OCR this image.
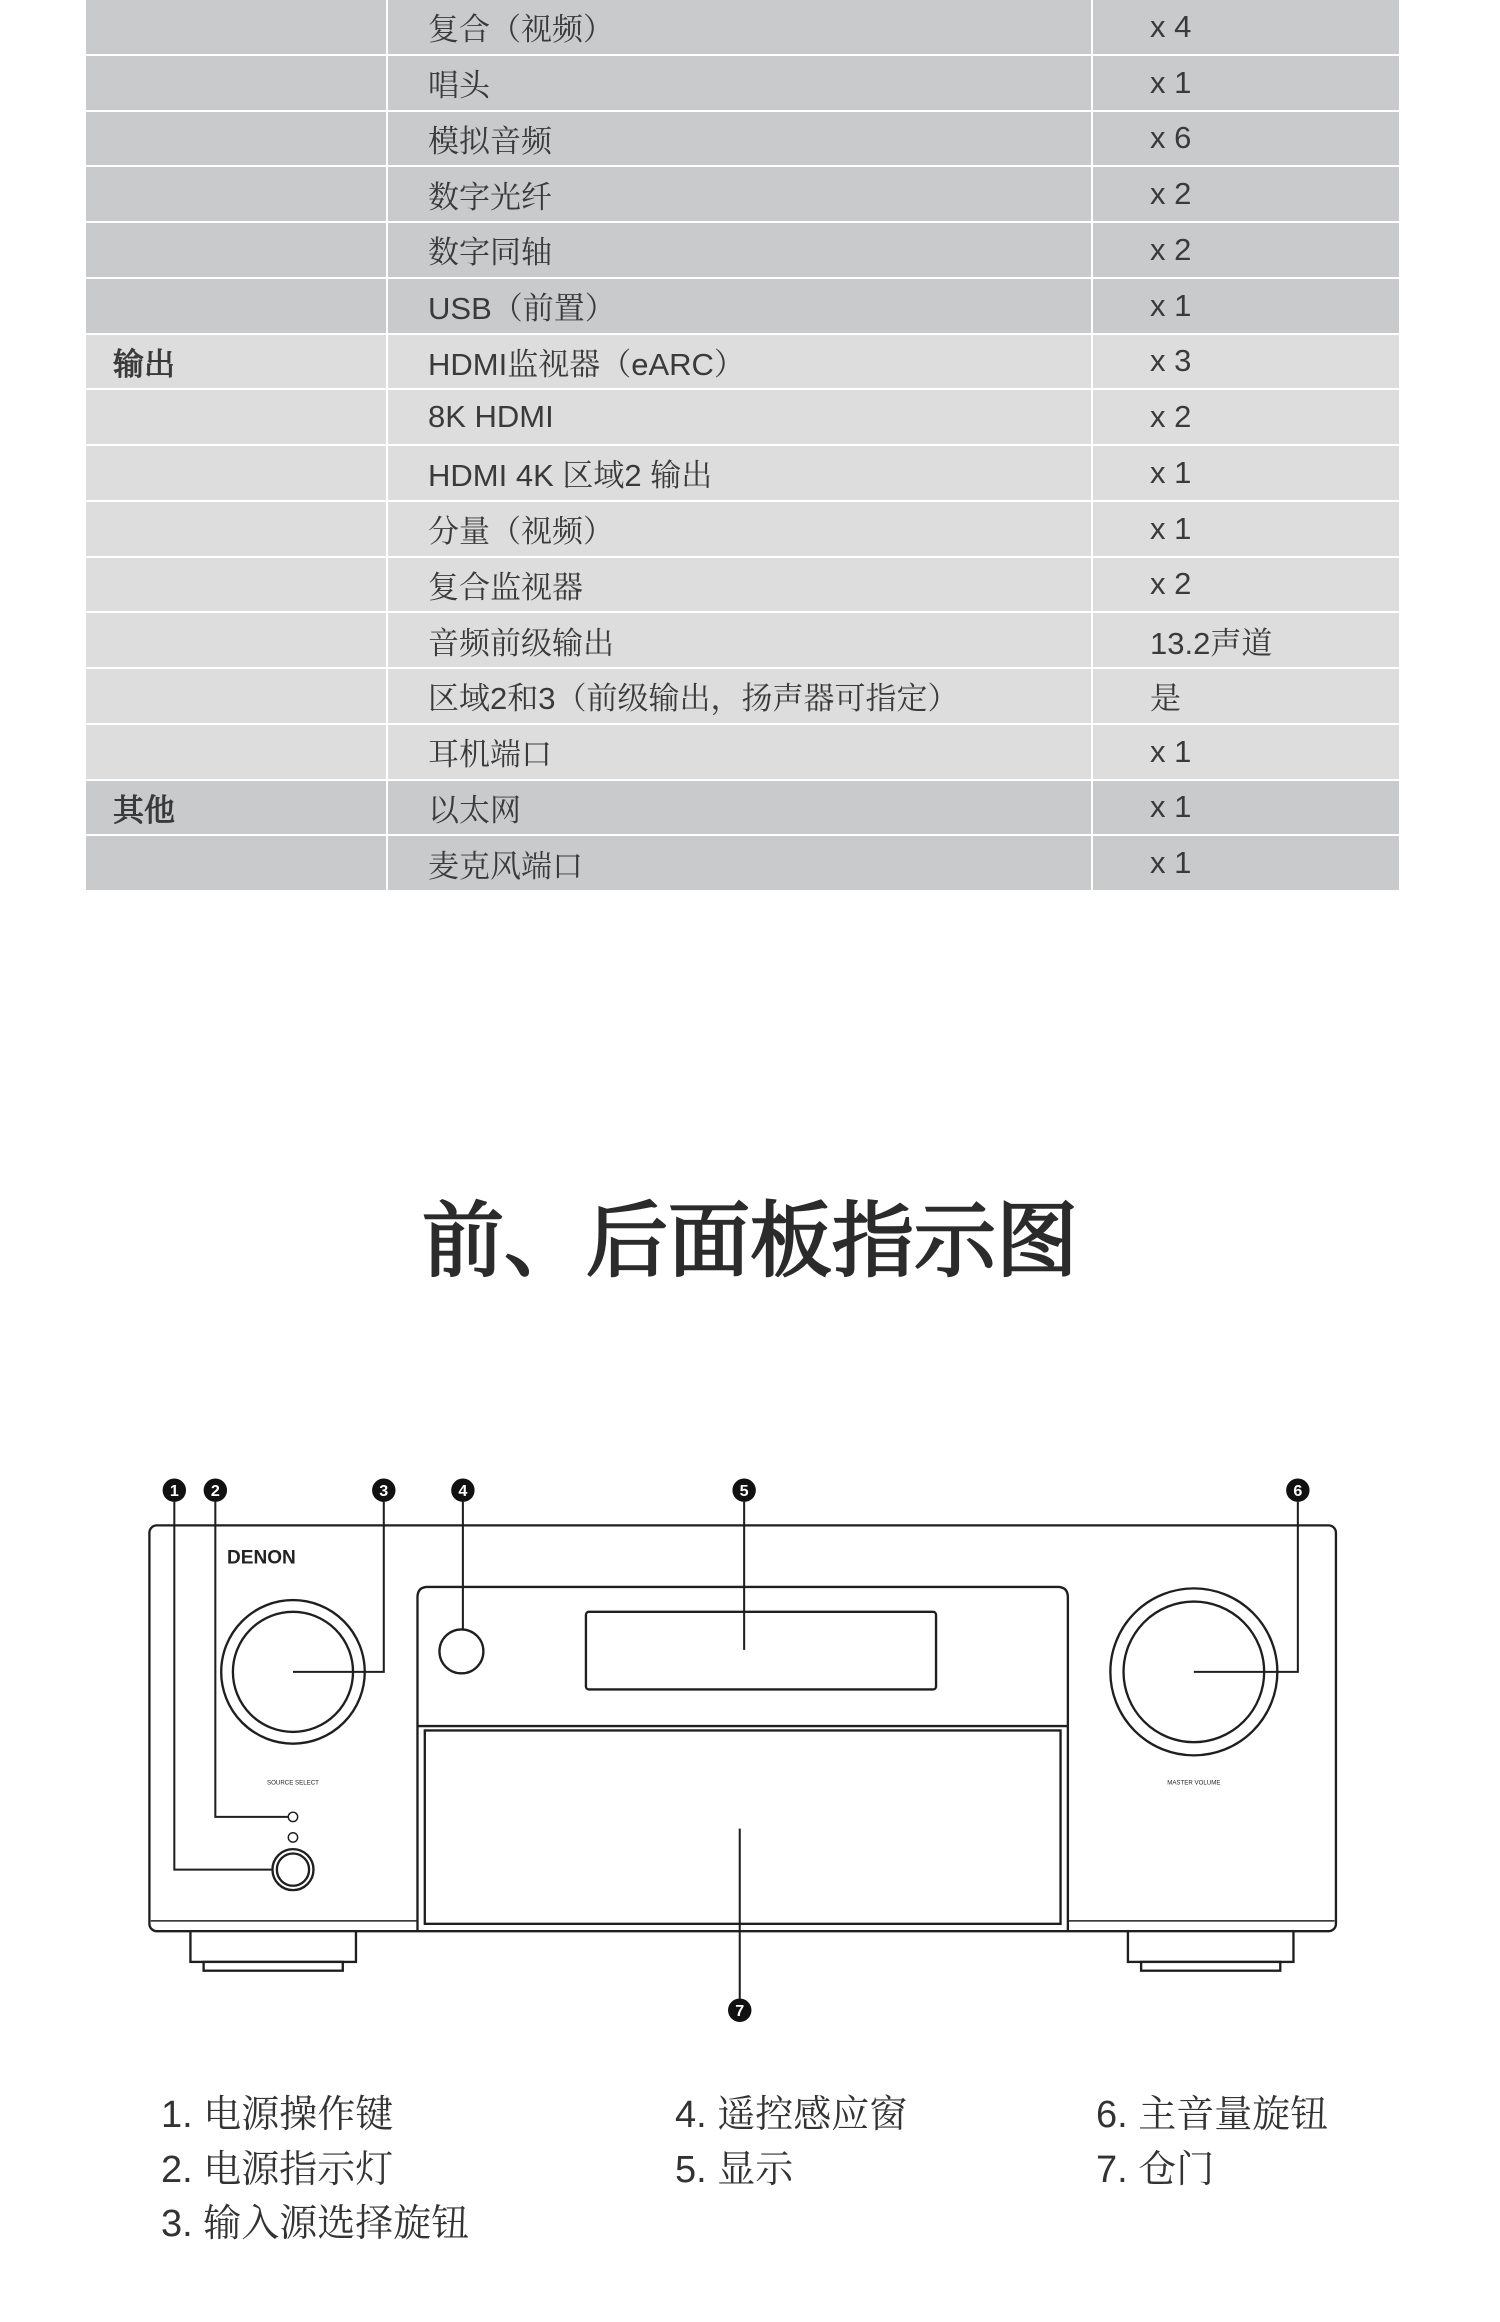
复合（视频）	x 4
唱头	x 1
模拟音频	x 6
数字光纤	x 2
数字同轴	x 2
USB（前置）	x 1
输出	HDMI监视器（eARC）	x 3
8K HDMI	x 2
HDMI 4K 区域2 输出	x 1
分量（视频）	x 1
复合监视器	x 2
音频前级输出	13.2声道
区域2和3（前级输出，扬声器可指定）	是
耳机端口	x 1
其他	以太网	x 1
麦克风端口	x 1
前、后面板指示图
DENON
SOURCE SELECT	MASTER VOLUME
1	2	3	4	5	6
7
1. 电源操作键
2. 电源指示灯
3. 输入源选择旋钮
4. 遥控感应窗
5. 显示
6. 主音量旋钮
7. 仓门
